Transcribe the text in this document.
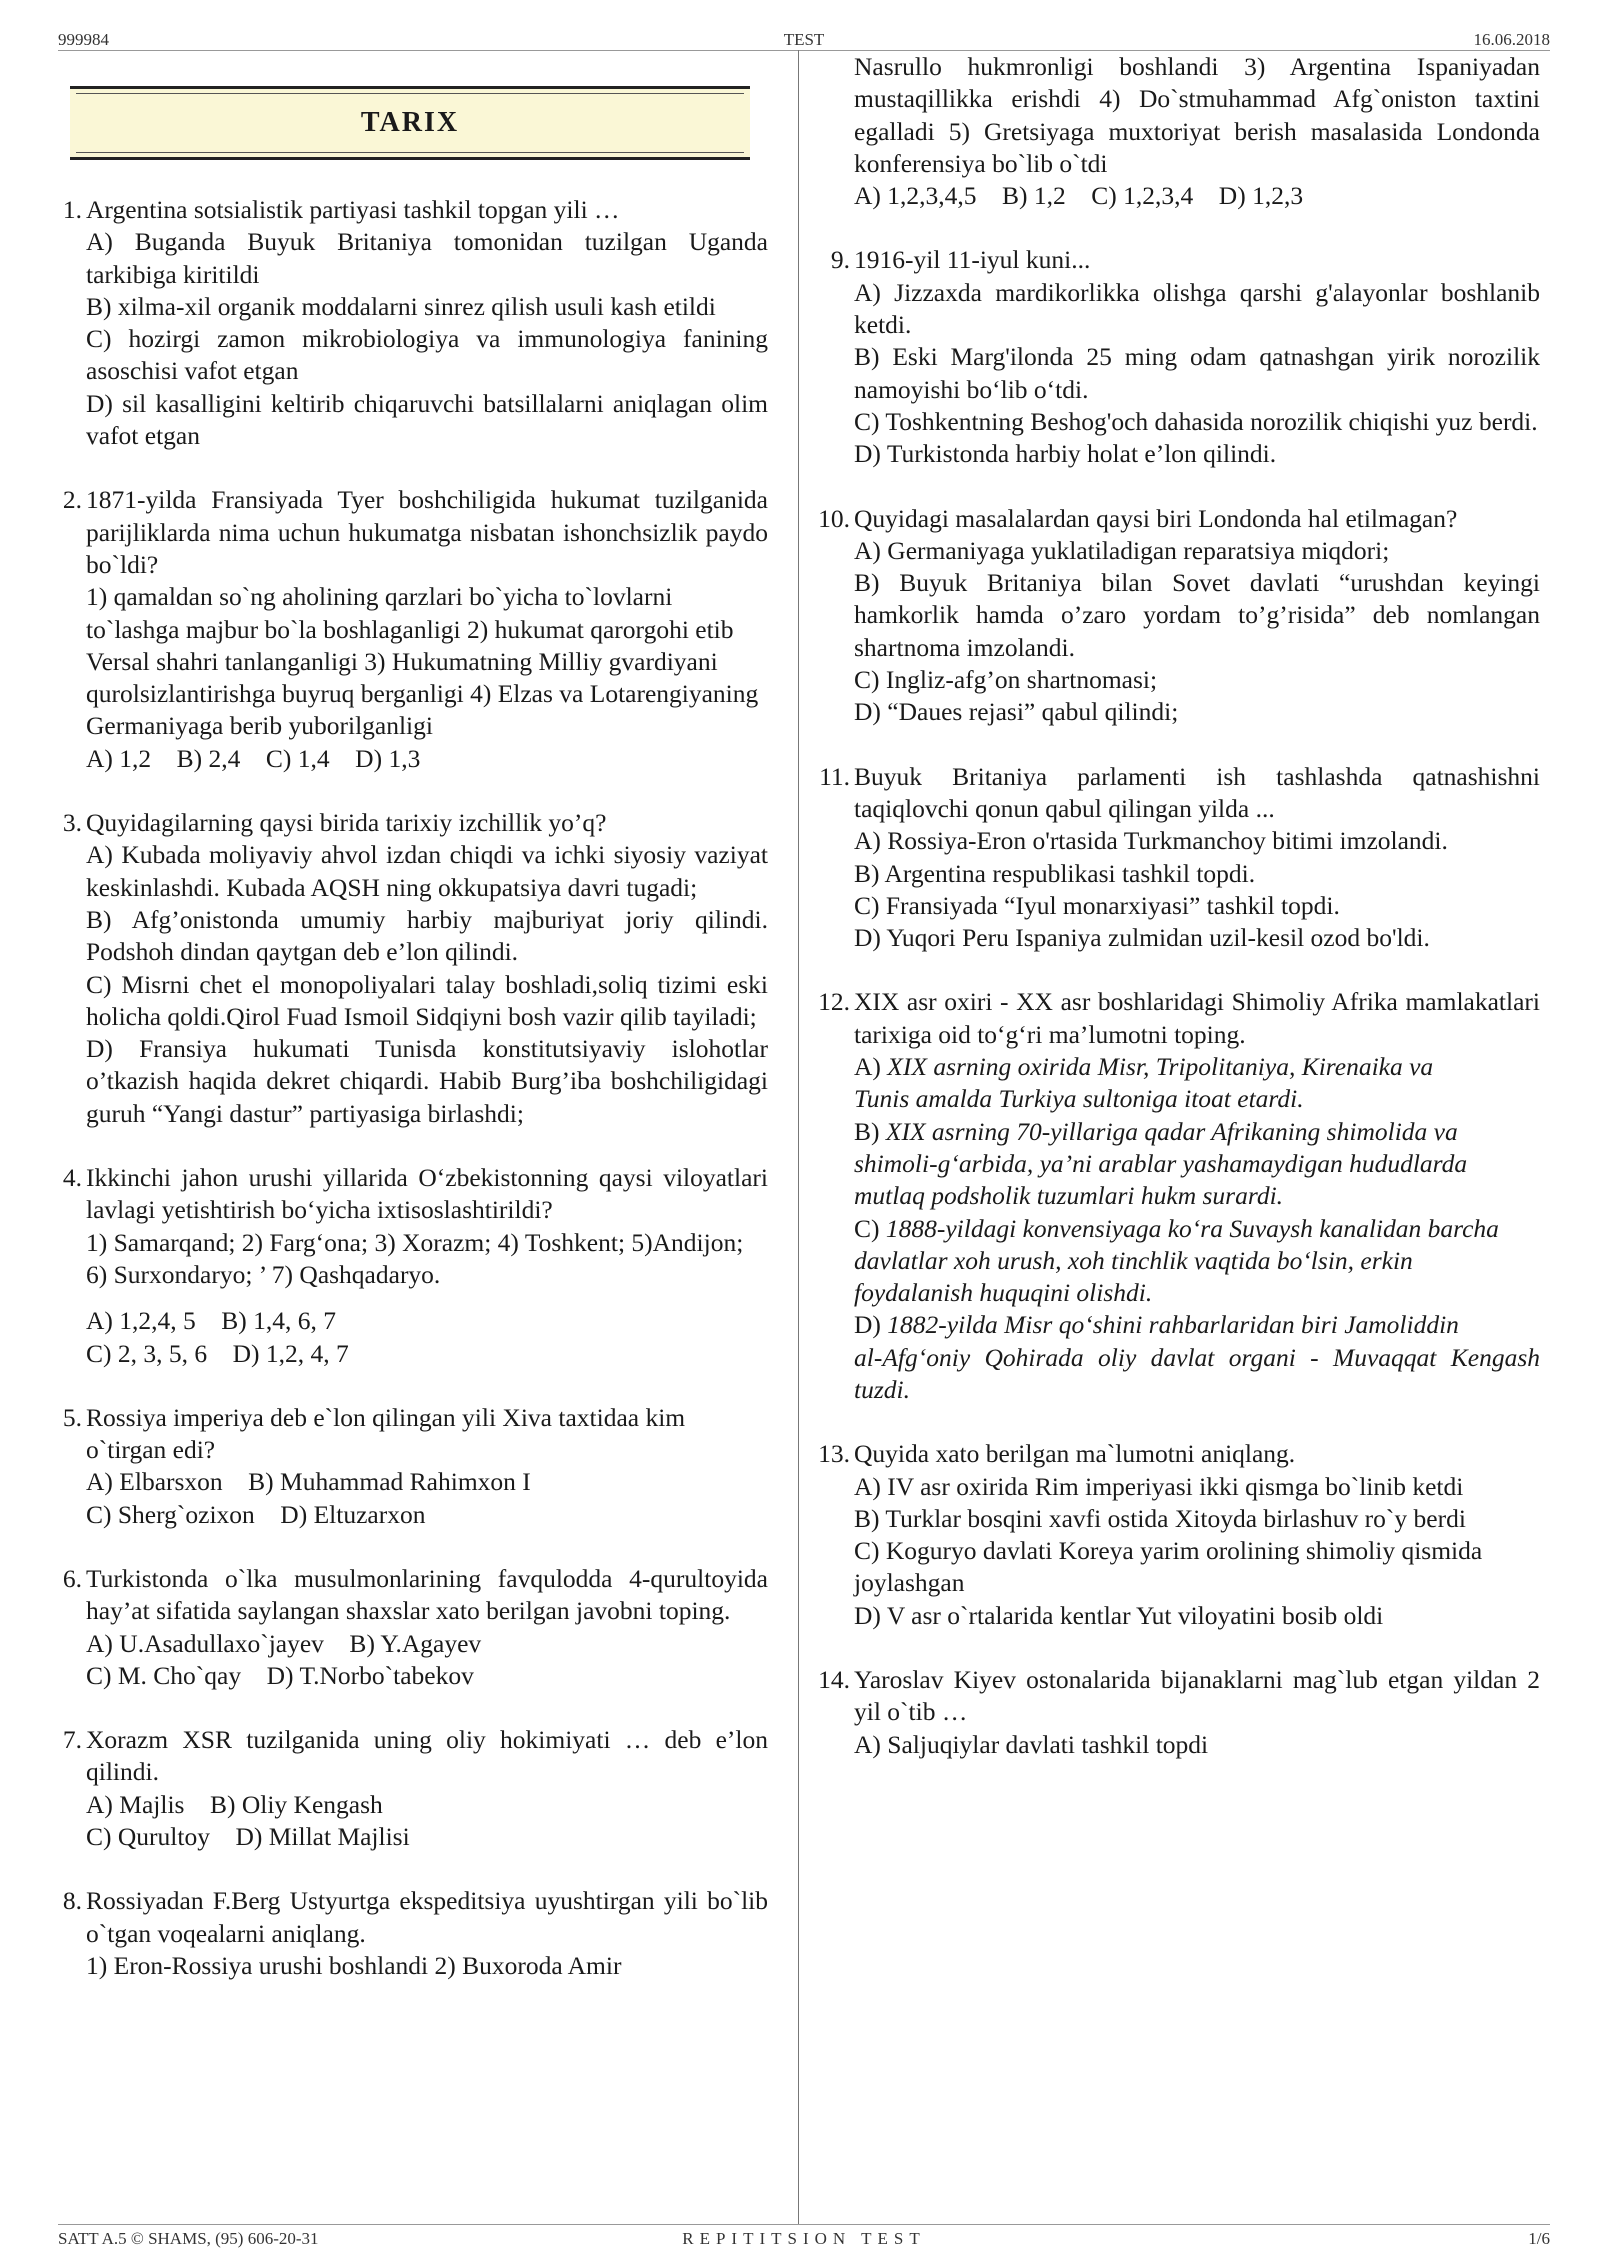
999984	TEST	16.06.2018
TARIX
1. Argentina sotsialistik partiyasi tashkil topgan yili …

A) Buganda Buyuk Britaniya tomonidan tuzilgan Uganda tarkibiga kiritildi

B) xilma-xil organik moddalarni sinrez qilish usuli kash etildi

C) hozirgi zamon mikrobiologiya va immunologiya fanining asoschisi vafot etgan

D) sil kasalligini keltirib chiqaruvchi batsillalarni aniqlagan olim vafot etgan

2. 1871-yilda Fransiyada Tyer boshchiligida hukumat tuzilganida parijliklarda nima uchun hukumatga nisbatan ishonchsizlik paydo bo`ldi?

1) qamaldan so`ng aholining qarzlari bo`yicha to`lovlarni to`lashga majbur bo`la boshlaganligi 2) hukumat qarorgohi etib Versal shahri tanlanganligi 3) Hukumatning Milliy gvardiyani qurolsizlantirishga buyruq berganligi 4) Elzas va Lotarengiyaning Germaniyaga berib yuborilganligi

A) 1,2    B) 2,4    C) 1,4    D) 1,3

3. Quyidagilarning qaysi birida tarixiy izchillik yo’q?

A) Kubada moliyaviy ahvol izdan chiqdi va ichki siyosiy vaziyat keskinlashdi. Kubada AQSH ning okkupatsiya davri tugadi;

B) Afg’onistonda umumiy harbiy majburiyat joriy qilindi. Podshoh dindan qaytgan deb e’lon qilindi.

C) Misrni chet el monopoliyalari talay boshladi,soliq tizimi eski holicha qoldi.Qirol Fuad Ismoil Sidqiyni bosh vazir qilib tayiladi;

D) Fransiya hukumati Tunisda konstitutsiyaviy islohotlar o’tkazish haqida dekret chiqardi. Habib Burg’iba boshchiligidagi guruh “Yangi dastur” partiyasiga birlashdi;

4. Ikkinchi jahon urushi yillarida O‘zbekistonning qaysi viloyatlari lavlagi yetishtirish bo‘yicha ixtisoslashtirildi?

1) Samarqand; 2) Farg‘ona; 3) Xorazm; 4) Toshkent; 5)Andijon; 6) Surxondaryo; ’ 7) Qashqadaryo.

A) 1,2,4, 5    B) 1,4, 6, 7

C) 2, 3, 5, 6    D) 1,2, 4, 7

5. Rossiya imperiya deb e`lon qilingan yili Xiva taxtidaa kim o`tirgan edi?

A) Elbarsxon    B) Muhammad Rahimxon I

C) Sherg`ozixon    D) Eltuzarxon

6. Turkistonda o`lka musulmonlarining favqulodda 4-qurultoyida hay’at sifatida saylangan shaxslar xato berilgan javobni toping.

A) U.Asadullaxo`jayev    B) Y.Agayev

C) M. Cho`qay    D) T.Norbo`tabekov

7. Xorazm XSR tuzilganida uning oliy hokimiyati … deb e’lon qilindi.

A) Majlis    B) Oliy Kengash

C) Qurultoy    D) Millat Majlisi

8. Rossiyadan F.Berg Ustyurtga ekspeditsiya uyushtirgan yili bo`lib o`tgan voqealarni aniqlang.

1) Eron-Rossiya urushi boshlandi 2) Buxoroda Amir

Nasrullo hukmronligi boshlandi 3) Argentina Ispaniyadan mustaqillikka erishdi 4) Do`stmuhammad Afg`oniston taxtini egalladi 5) Gretsiyaga muxtoriyat berish masalasida Londonda konferensiya bo`lib o`tdi

A) 1,2,3,4,5    B) 1,2    C) 1,2,3,4    D) 1,2,3

9. 1916-yil 11-iyul kuni...

A) Jizzaxda mardikorlikka olishga qarshi g'alayonlar boshlanib ketdi.

B) Eski Marg'ilonda 25 ming odam qatnashgan yirik norozilik namoyishi bo‘lib o‘tdi.

C) Toshkentning Beshog'och dahasida norozilik chiqishi yuz berdi.

D) Turkistonda harbiy holat e’lon qilindi.

10. Quyidagi masalalardan qaysi biri Londonda hal etilmagan?

A) Germaniyaga yuklatiladigan reparatsiya miqdori;

B) Buyuk Britaniya bilan Sovet davlati “urushdan keyingi hamkorlik hamda o’zaro yordam to’g’risida” deb nomlangan shartnoma imzolandi.

C) Ingliz-afg’on shartnomasi;

D) “Daues rejasi” qabul qilindi;

11. Buyuk Britaniya parlamenti ish tashlashda qatnashishni taqiqlovchi qonun qabul qilingan yilda ...

A) Rossiya-Eron o'rtasida Turkmanchoy bitimi imzolandi.

B) Argentina respublikasi tashkil topdi.

C) Fransiyada “Iyul monarxiyasi” tashkil topdi.

D) Yuqori Peru Ispaniya zulmidan uzil-kesil ozod bo'ldi.

12. XIX asr oxiri - XX asr boshlaridagi Shimoliy Afrika mamlakatlari tarixiga oid to‘g‘ri ma’lumotni toping.

A) XIX asrning oxirida Misr, Tripolitaniya, Kirenaika va

Tunis amalda Turkiya sultoniga itoat etardi.

B) XIX asrning 70-yillariga qadar Afrikaning shimolida va

shimoli-g‘arbida, ya’ni arablar yashamaydigan hududlarda

mutlaq podsholik tuzumlari hukm surardi.

C) 1888-yildagi konvensiyaga ko‘ra Suvaysh kanalidan barcha

davlatlar xoh urush, xoh tinchlik vaqtida bo‘lsin, erkin

foydalanish huquqini olishdi.

D) 1882-yilda Misr qo‘shini rahbarlaridan biri Jamoliddin

al-Afg‘oniy Qohirada oliy davlat organi - Muvaqqat Kengash tuzdi.

13. Quyida xato berilgan ma`lumotni aniqlang.

A) IV asr oxirida Rim imperiyasi ikki qismga bo`linib ketdi

B) Turklar bosqini xavfi ostida Xitoyda birlashuv ro`y berdi

C) Koguryo davlati Koreya yarim orolining shimoliy qismida joylashgan

D) V asr o`rtalarida kentlar Yut viloyatini bosib oldi

14. Yaroslav Kiyev ostonalarida bijanaklarni mag`lub etgan yildan 2 yil o`tib …

A) Saljuqiylar davlati tashkil topdi

SATT A.5 © SHAMS, (95) 606-20-31	REPITITSION TEST	1/6
